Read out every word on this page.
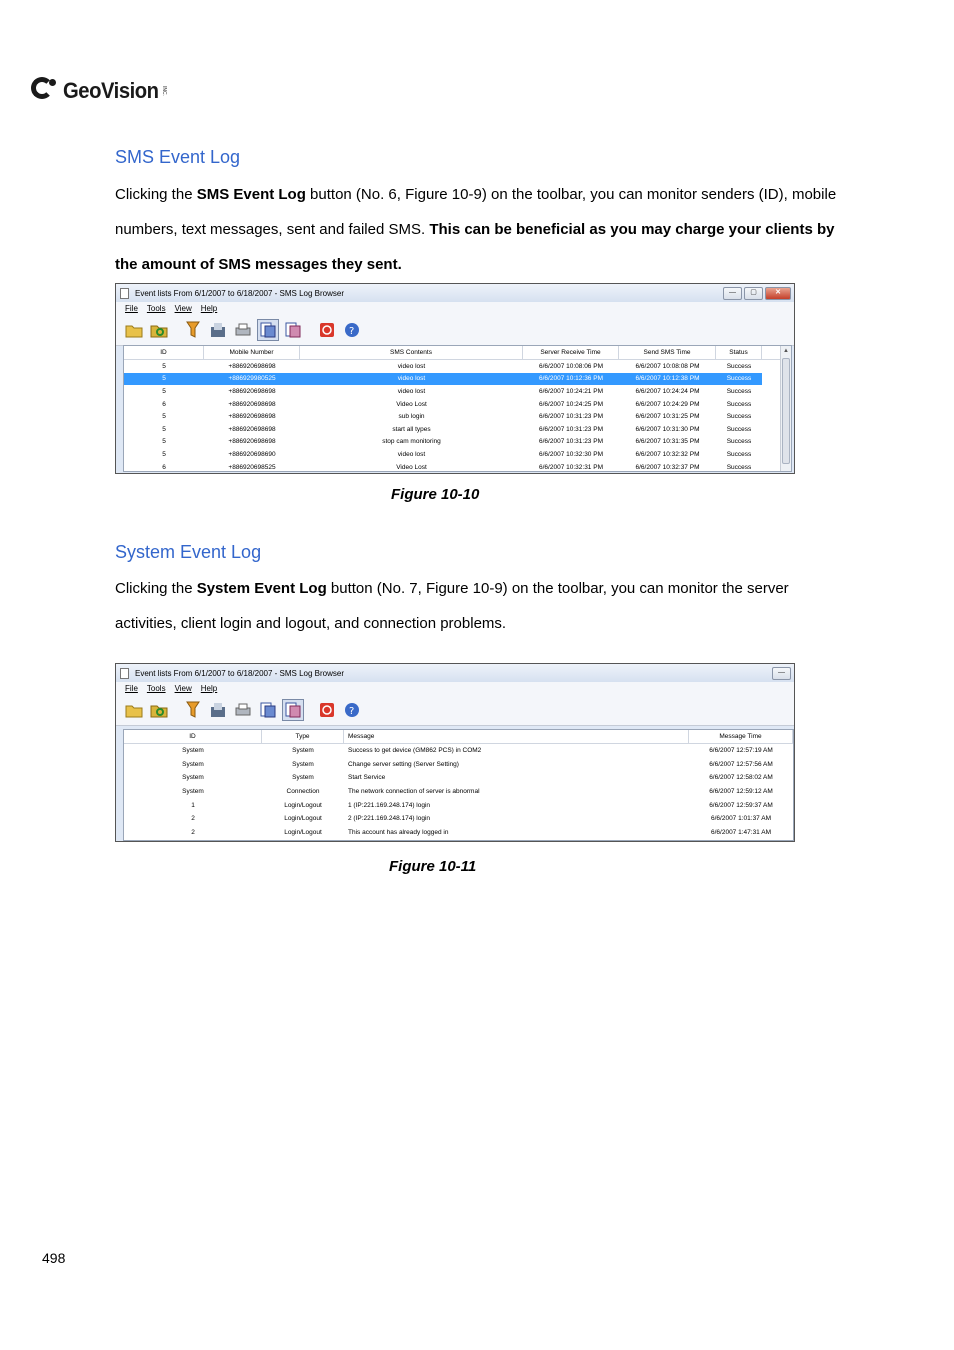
GeoVision INC.
SMS Event Log
Clicking the SMS Event Log button (No. 6, Figure 10-9) on the toolbar, you can monitor senders (ID), mobile numbers, text messages, sent and failed SMS. This can be beneficial as you may charge your clients by the amount of SMS messages they sent.
Event lists From 6/1/2007 to 6/18/2007 - SMS Log Browser	—	▢	✕
File Tools View Help
?
ID	Mobile Number	SMS Contents	Server Receive Time	Send SMS Time	Status
5	+886920698698	video lost	6/6/2007 10:08:06 PM	6/6/2007 10:08:08 PM	Success
5	+886929980525	video lost	6/6/2007 10:12:36 PM	6/6/2007 10:12:38 PM	Success
5	+886920698698	video lost	6/6/2007 10:24:21 PM	6/6/2007 10:24:24 PM	Success
6	+886920698698	Video Lost	6/6/2007 10:24:25 PM	6/6/2007 10:24:29 PM	Success
5	+886920698698	sub login	6/6/2007 10:31:23 PM	6/6/2007 10:31:25 PM	Success
5	+886920698698	start all types	6/6/2007 10:31:23 PM	6/6/2007 10:31:30 PM	Success
5	+886920698698	stop cam monitoring	6/6/2007 10:31:23 PM	6/6/2007 10:31:35 PM	Success
5	+886920698690	video lost	6/6/2007 10:32:30 PM	6/6/2007 10:32:32 PM	Success
6	+886920698525	Video Lost	6/6/2007 10:32:31 PM	6/6/2007 10:32:37 PM	Success
▲
Figure 10-10
System Event Log
Clicking the System Event Log button (No. 7, Figure 10-9) on the toolbar, you can monitor the server activities, client login and logout, and connection problems.
Event lists From 6/1/2007 to 6/18/2007 - SMS Log Browser	—
File Tools View Help
?
ID	Type	Message	Message Time
System	System	Success to get device (GM862 PCS) in COM2	6/6/2007 12:57:19 AM
System	System	Change server setting (Server Setting)	6/6/2007 12:57:56 AM
System	System	Start Service	6/6/2007 12:58:02 AM
System	Connection	The network connection of server is abnormal	6/6/2007 12:59:12 AM
1	Login/Logout	1 (IP:221.169.248.174) login	6/6/2007 12:59:37 AM
2	Login/Logout	2 (IP:221.169.248.174) login	6/6/2007 1:01:37 AM
2	Login/Logout	This account has already logged in	6/6/2007 1:47:31 AM
Figure 10-11
498
